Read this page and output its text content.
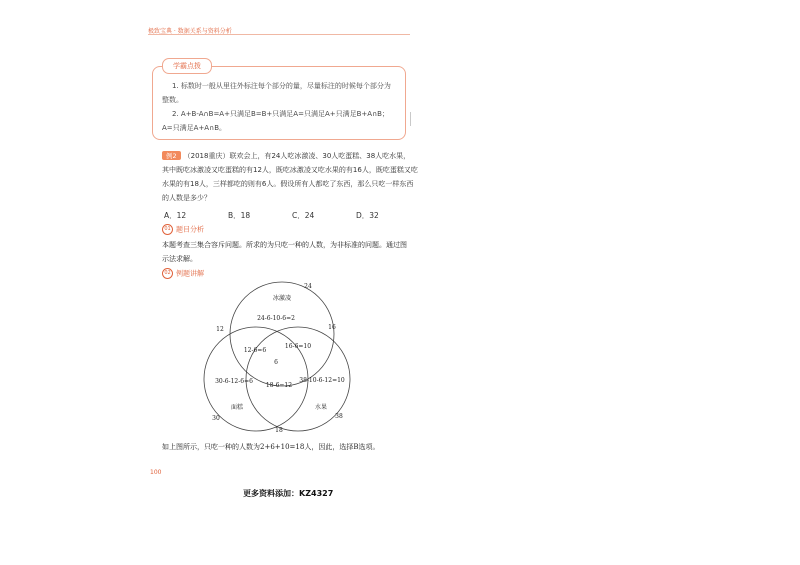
极致宝典 · 数据关系与资料分析
学霸点拨
1. 标数时一般从里往外标注每个部分的量，尽量标注的时候每个部分为
整数。
2. A+B-A∩B=A+只满足B=B+只满足A=只满足A+只满足B+A∩B；
A=只满足A+A∩B。
例2 （2018重庆）联欢会上，有24人吃冰激凌、30人吃蛋糕、38人吃水果，
其中既吃冰激凌又吃蛋糕的有12人，既吃冰激凌又吃水果的有16人，既吃蛋糕又吃
水果的有18人，三样都吃的则有6人。假设所有人都吃了东西，那么只吃一样东西
的人数是多少？
A．12	B．18	C．24	D．32
01 题目分析
本题考查三集合容斥问题。所求的为只吃一种的人数，为非标准的问题。通过图
示法求解。
02 例题讲解
冰激凌
24-6-10-6=2
12-6=6
16-6=10
6
30-6-12-6=6
18-6=12
38-10-6-12=10
面糕	水果
24
12	16
30	38
18
如上图所示，只吃一种的人数为2+6+10=18人，因此，选择B选项。
100
更多资料添加：KZ4327
